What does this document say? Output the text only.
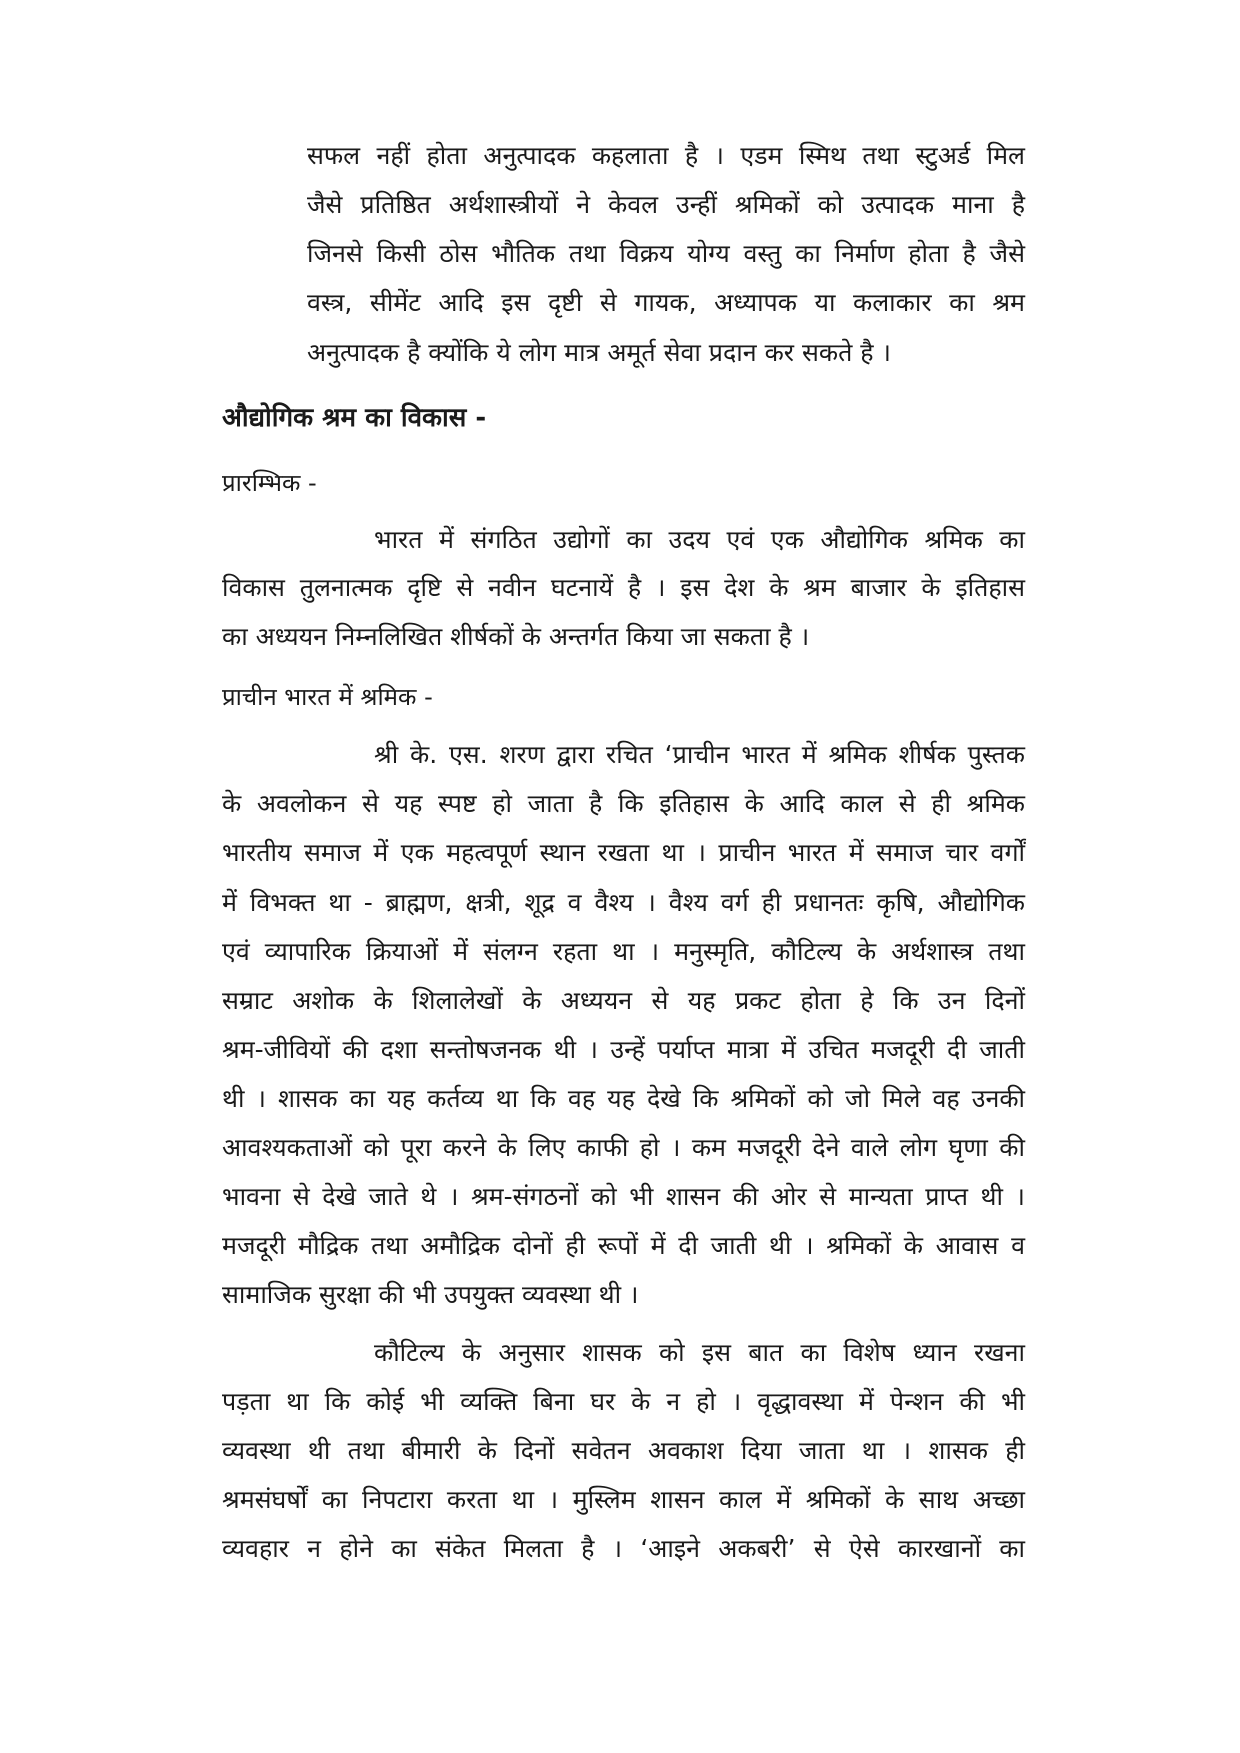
सफल नहीं होता अनुत्पादक कहलाता है । एडम स्मिथ तथा स्टुअर्ड मिल

जैसे प्रतिष्ठित अर्थशास्त्रीयों ने केवल उन्हीं श्रमिकों को उत्पादक माना है

जिनसे किसी ठोस भौतिक तथा विक्रय योग्य वस्तु का निर्माण होता है जैसे

वस्त्र, सीमेंट आदि इस दृष्टी से गायक, अध्यापक या कलाकार का श्रम

अनुत्पादक है क्योंकि ये लोग मात्र अमूर्त सेवा प्रदान कर सकते है ।

औद्योगिक श्रम का विकास -
प्रारम्भिक -

भारत में संगठित उद्योगों का उदय एवं एक औद्योगिक श्रमिक का

विकास तुलनात्मक दृष्टि से नवीन घटनायें है । इस देश के श्रम बाजार के इतिहास

का अध्ययन निम्नलिखित शीर्षकों के अन्तर्गत किया जा सकता है ।

प्राचीन भारत में श्रमिक -

श्री के. एस. शरण द्वारा रचित ‘प्राचीन भारत में श्रमिक शीर्षक पुस्तक

के अवलोकन से यह स्पष्ट हो जाता है कि इतिहास के आदि काल से ही श्रमिक

भारतीय समाज में एक महत्वपूर्ण स्थान रखता था । प्राचीन भारत में समाज चार वर्गों

में विभक्त था - ब्राह्मण, क्षत्री, शूद्र व वैश्य । वैश्य वर्ग ही प्रधानतः कृषि, औद्योगिक

एवं व्यापारिक क्रियाओं में संलग्न रहता था । मनुस्मृति, कौटिल्य के अर्थशास्त्र तथा

सम्राट अशोक के शिलालेखों के अध्ययन से यह प्रकट होता हे कि उन दिनों

श्रम-जीवियों की दशा सन्तोषजनक थी । उन्हें पर्याप्त मात्रा में उचित मजदूरी दी जाती

थी । शासक का यह कर्तव्य था कि वह यह देखे कि श्रमिकों को जो मिले वह उनकी

आवश्यकताओं को पूरा करने के लिए काफी हो । कम मजदूरी देने वाले लोग घृणा की

भावना से देखे जाते थे । श्रम-संगठनों को भी शासन की ओर से मान्यता प्राप्त थी ।

मजदूरी मौद्रिक तथा अमौद्रिक दोनों ही रूपों में दी जाती थी । श्रमिकों के आवास व

सामाजिक सुरक्षा की भी उपयुक्त व्यवस्था थी ।

कौटिल्य के अनुसार शासक को इस बात का विशेष ध्यान रखना

पड़ता था कि कोई भी व्यक्ति बिना घर के न हो । वृद्धावस्था में पेन्शन की भी

व्यवस्था थी तथा बीमारी के दिनों सवेतन अवकाश दिया जाता था । शासक ही

श्रमसंघर्षों का निपटारा करता था । मुस्लिम शासन काल में श्रमिकों के साथ अच्छा

व्यवहार न होने का संकेत मिलता है । ‘आइने अकबरी’ से ऐसे कारखानों का
